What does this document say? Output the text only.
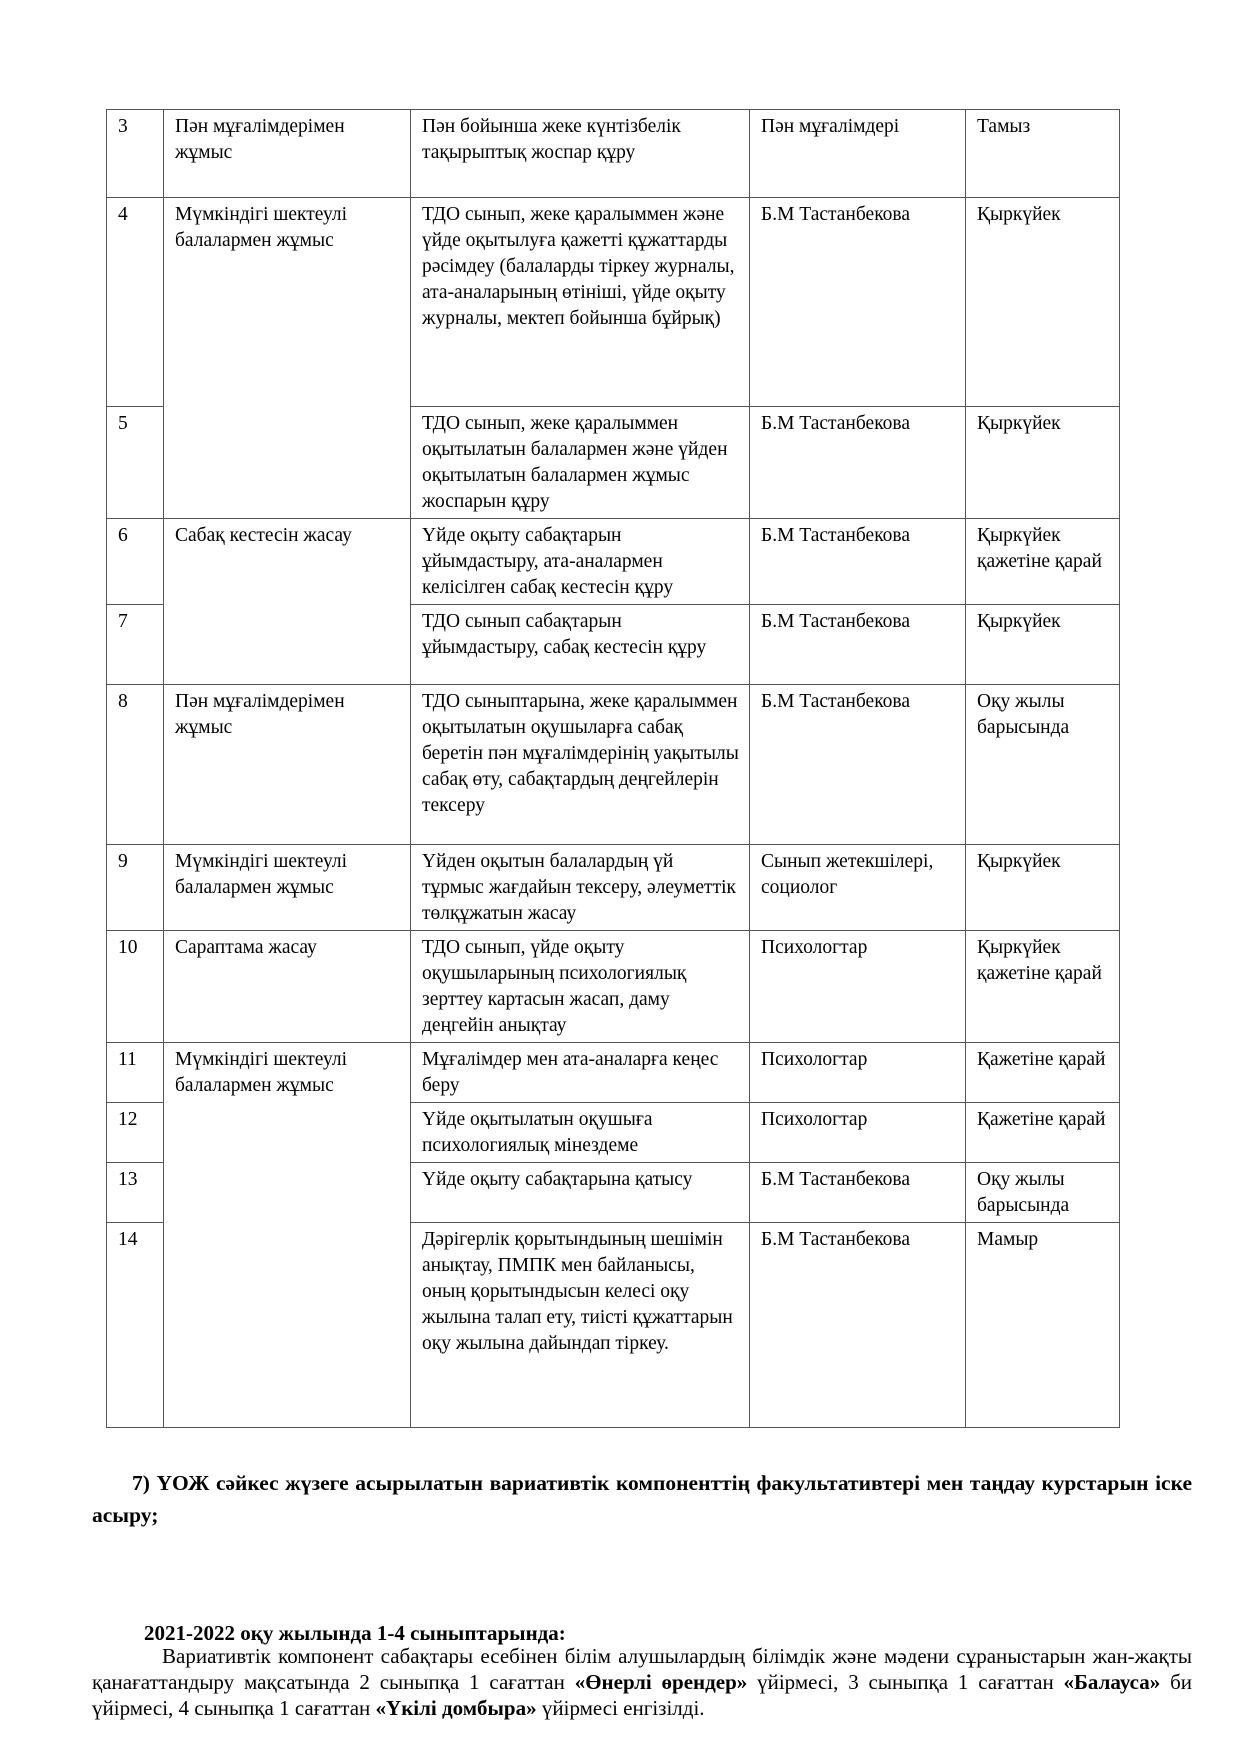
3	Пән мұғалімдерімен жұмыс	Пән бойынша жеке күнтізбелік тақырыптық жоспар құру	Пән мұғалімдері	Тамыз
4	Мүмкіндігі шектеулі балалармен жұмыс	ТДО сынып, жеке қаралыммен және үйде оқытылуға қажетті құжаттарды рәсімдеу (балаларды тіркеу журналы, ата-аналарының өтініші, үйде оқыту журналы, мектеп бойынша бұйрық)	Б.М Тастанбекова	Қыркүйек
5		ТДО сынып, жеке қаралыммен оқытылатын балалармен және үйден оқытылатын балалармен жұмыс жоспарын құру	Б.М Тастанбекова	Қыркүйек
6	Сабақ кестесін жасау	Үйде оқыту сабақтарын ұйымдастыру, ата-аналармен келісілген сабақ кестесін құру	Б.М Тастанбекова	Қыркүйек қажетіне қарай
7		ТДО сынып сабақтарын ұйымдастыру, сабақ кестесін құру	Б.М Тастанбекова	Қыркүйек
8	Пән мұғалімдерімен жұмыс	ТДО сыныптарына, жеке қаралыммен оқытылатын оқушыларға сабақ беретін пән мұғалімдерінің уақытылы сабақ өту, сабақтардың деңгейлерін тексеру	Б.М Тастанбекова	Оқу жылы барысында
9	Мүмкіндігі шектеулі балалармен жұмыс	Үйден оқытын балалардың үй тұрмыс жағдайын тексеру, әлеуметтік төлқұжатын жасау	Сынып жетекшілері, социолог	Қыркүйек
10	Сараптама жасау	ТДО сынып, үйде оқыту оқушыларының психологиялық зерттеу картасын жасап, даму деңгейін анықтау	Психологтар	Қыркүйек қажетіне қарай
11	Мүмкіндігі шектеулі балалармен жұмыс	Мұғалімдер мен ата-аналарға кеңес беру	Психологтар	Қажетіне қарай
12		Үйде оқытылатын оқушыға психологиялық мінездеме	Психологтар	Қажетіне қарай
13		Үйде оқыту сабақтарына қатысу	Б.М Тастанбекова	Оқу жылы барысында
14		Дәрігерлік қорытындының шешімін анықтау, ПМПК мен байланысы, оның қорытындысын келесі оқу жылына талап ету, тиісті құжаттарын оқу жылына дайындап тіркеу.	Б.М Тастанбекова	Мамыр

7) ҮОЖ сәйкес жүзеге асырылатын вариативтік компоненттің факультативтері мен таңдау курстарын іске асыру;

2021-2022 оқу жылында 1-4 сыныптарында:

Вариативтік компонент сабақтары есебінен білім алушылардың білімдік және мәдени сұраныстарын жан-жақты қанағаттандыру мақсатында 2 сыныпқа 1 сағаттан «Өнерлі өрендер» үйірмесі, 3 сыныпқа 1 сағаттан «Балауса» би үйірмесі, 4 сыныпқа 1 сағаттан «Үкілі домбыра» үйірмесі енгізілді.
